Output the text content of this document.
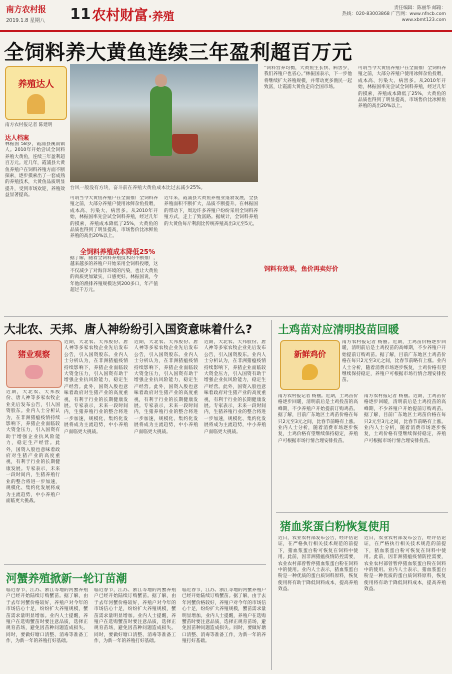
南方农村报
2019.1.8 星期八 11 农村财富·养殖
责任编辑：陈丽华 邮箱：
热线：020-83003868 广告网：www.nfncb.com
www.xbmt123.com
全饲料养大黄鱼连续三年盈利超百万元
养殖达人
南方农村报记者 陈建明
达人档案
林振国 58岁，霞浦县溪南镇人。2010年开始尝试全饲料养殖大黄鱼，连续三年盈利超百万元。近几年，霞浦县大黄鱼养殖户在饲料养殖方面不断探索，逐步摸索出了一套成熟的养殖技术，大黄鱼品质明显提升，受到市场欢迎，养殖效益显著提高。
台风一般没有方块，奋斗前在养殖大黄鱼成本比过去减少25%。
可谓当今大黄鱼养殖户在全面推广全饲料养殖之前，大部分养殖户使用冰鲜杂鱼投喂，成本高、污染大、病害多。从2010年开始，林振国率先尝试全饲料养殖，经过几年的摸索，养殖成本降低了25%，大黄鱼的品质也得到了明显提高，市场售价比冰鲜鱼养殖的高出20%以上。
全饲料养殖成本降低25%
据了解，随着全饲料养殖技术的不断推广，越来越多的养殖户开始采用全饲料投喂，这不仅减少了对海洋环境的污染，也让大黄鱼的肉质更加紧实，口感更好。林振国说，今年他的渔排养殖规模达到200多口，年产值超过千万元。
近年来，霞浦县大黄鱼养殖业蓬勃发展，全县养殖面积不断扩大，品质不断提升。在林振国的带动下，周边许多养殖户纷纷采用全饲料养殖方式，走上了致富路。据统计，全饲料养殖的大黄鱼每斤利润比传统养殖高出3元至5元。
“饲料营养均衡，大黄鱼生长快、病害少，我们养殖户也省心。”林振国表示，下一步他将继续扩大养殖规模，并带动更多渔民一起致富，让霞浦大黄鱼走向全国市场。
饲料有效果，鱼价再卖好价
可谓当今大黄鱼养殖户在全面推广全饲料养殖之前，大部分养殖户使用冰鲜杂鱼投喂，成本高、污染大、病害多。从2010年开始，林振国率先尝试全饲料养殖，经过几年的摸索，养殖成本降低了25%，大黄鱼的品质也得到了明显提高，市场售价比冰鲜鱼养殖的高出20%以上。
大北农、天邦、唐人神纷纷引入国资意味着什么?
猪业观察
近期，大北农、天邦股份、唐人神等多家农牧企业先后发布公告，引入国资股东。业内人士分析认为，在非洲猪瘟疫情持续影响下，养猪企业面临较大资金压力，引入国资有助于增强企业抗风险能力，稳定生产经营。此外，国资入股也意味着政府对生猪产业的高度重视，有利于行业的长期健康发展。专家表示，未来一段时间内，生猪养殖行业的整合将进一步加速，规模化、集约化发展将成为主流趋势，中小养殖户面临更大挑战。
近期，大北农、天邦股份、唐人神等多家农牧企业先后发布公告，引入国资股东。业内人士分析认为，在非洲猪瘟疫情持续影响下，养猪企业面临较大资金压力，引入国资有助于增强企业抗风险能力，稳定生产经营。此外，国资入股也意味着政府对生猪产业的高度重视，有利于行业的长期健康发展。专家表示，未来一段时间内，生猪养殖行业的整合将进一步加速，规模化、集约化发展将成为主流趋势，中小养殖户面临更大挑战。
近期，大北农、天邦股份、唐人神等多家农牧企业先后发布公告，引入国资股东。业内人士分析认为，在非洲猪瘟疫情持续影响下，养猪企业面临较大资金压力，引入国资有助于增强企业抗风险能力，稳定生产经营。此外，国资入股也意味着政府对生猪产业的高度重视，有利于行业的长期健康发展。专家表示，未来一段时间内，生猪养殖行业的整合将进一步加速，规模化、集约化发展将成为主流趋势，中小养殖户面临更大挑战。
近期，大北农、天邦股份、唐人神等多家农牧企业先后发布公告，引入国资股东。业内人士分析认为，在非洲猪瘟疫情持续影响下，养猪企业面临较大资金压力，引入国资有助于增强企业抗风险能力，稳定生产经营。此外，国资入股也意味着政府对生猪产业的高度重视，有利于行业的长期健康发展。专家表示，未来一段时间内，生猪养殖行业的整合将进一步加速，规模化、集约化发展将成为主流趋势，中小养殖户面临更大挑战。
河蟹养殖掀新一轮订苗潮
临近春节，江苏、浙江等地的河蟹养殖户已经开始陆续订购蟹苗。据了解，由于去年河蟹价格较好，养殖户对今年的市场信心十足，纷纷扩大养殖规模，蟹苗需求量明显增加。业内人士提醒，养殖户在选购蟹苗时要注意品质，选择正规育苗场，避免因苗种问题造成损失。同时，要做好塘口清整、消毒等准备工作，为新一年的养殖打好基础。
临近春节，江苏、浙江等地的河蟹养殖户已经开始陆续订购蟹苗。据了解，由于去年河蟹价格较好，养殖户对今年的市场信心十足，纷纷扩大养殖规模，蟹苗需求量明显增加。业内人士提醒，养殖户在选购蟹苗时要注意品质，选择正规育苗场，避免因苗种问题造成损失。同时，要做好塘口清整、消毒等准备工作，为新一年的养殖打好基础。
临近春节，江苏、浙江等地的河蟹养殖户已经开始陆续订购蟹苗。据了解，由于去年河蟹价格较好，养殖户对今年的市场信心十足，纷纷扩大养殖规模，蟹苗需求量明显增加。业内人士提醒，养殖户在选购蟹苗时要注意品质，选择正规育苗场，避免因苗种问题造成损失。同时，要做好塘口清整、消毒等准备工作，为新一年的养殖打好基础。
土鸡苗对应清明投苗回暖
新鲜鸡价
南方农村报记者 杨丽。近期，土鸡苗价格逐步回暖，清明前后是土鸡投苗的高峰期，不少养殖户开始提前订购鸡苗。据了解，目前广东地区土鸡苗价格在每只2元至3元之间，比春节前略有上涨。业内人士分析，随着消费市场逐步恢复，土鸡价格有望继续保持稳定，养殖户可根据市场行情合理安排投苗。
南方农村报记者 杨丽。近期，土鸡苗价格逐步回暖，清明前后是土鸡投苗的高峰期，不少养殖户开始提前订购鸡苗。据了解，目前广东地区土鸡苗价格在每只2元至3元之间，比春节前略有上涨。业内人士分析，随着消费市场逐步恢复，土鸡价格有望继续保持稳定，养殖户可根据市场行情合理安排投苗。
南方农村报记者 杨丽。近期，土鸡苗价格逐步回暖，清明前后是土鸡投苗的高峰期，不少养殖户开始提前订购鸡苗。据了解，目前广东地区土鸡苗价格在每只2元至3元之间，比春节前略有上涨。业内人士分析，随着消费市场逐步恢复，土鸡价格有望继续保持稳定，养殖户可根据市场行情合理安排投苗。
猪血浆蛋白粉恢复使用
近日，农业农村部发布公告，经评估论证，在严格执行相关技术规范的前提下，猪血浆蛋白粉可恢复在饲料中使用。此前，因非洲猪瘟疫情防控需要，农业农村部曾暂停猪血浆蛋白粉在饲料中的使用。业内人士表示，猪血浆蛋白粉是一种优质的蛋白质饲料原料，恢复使用将有助于降低饲料成本，提高养殖效益。
近日，农业农村部发布公告，经评估论证，在严格执行相关技术规范的前提下，猪血浆蛋白粉可恢复在饲料中使用。此前，因非洲猪瘟疫情防控需要，农业农村部曾暂停猪血浆蛋白粉在饲料中的使用。业内人士表示，猪血浆蛋白粉是一种优质的蛋白质饲料原料，恢复使用将有助于降低饲料成本，提高养殖效益。
